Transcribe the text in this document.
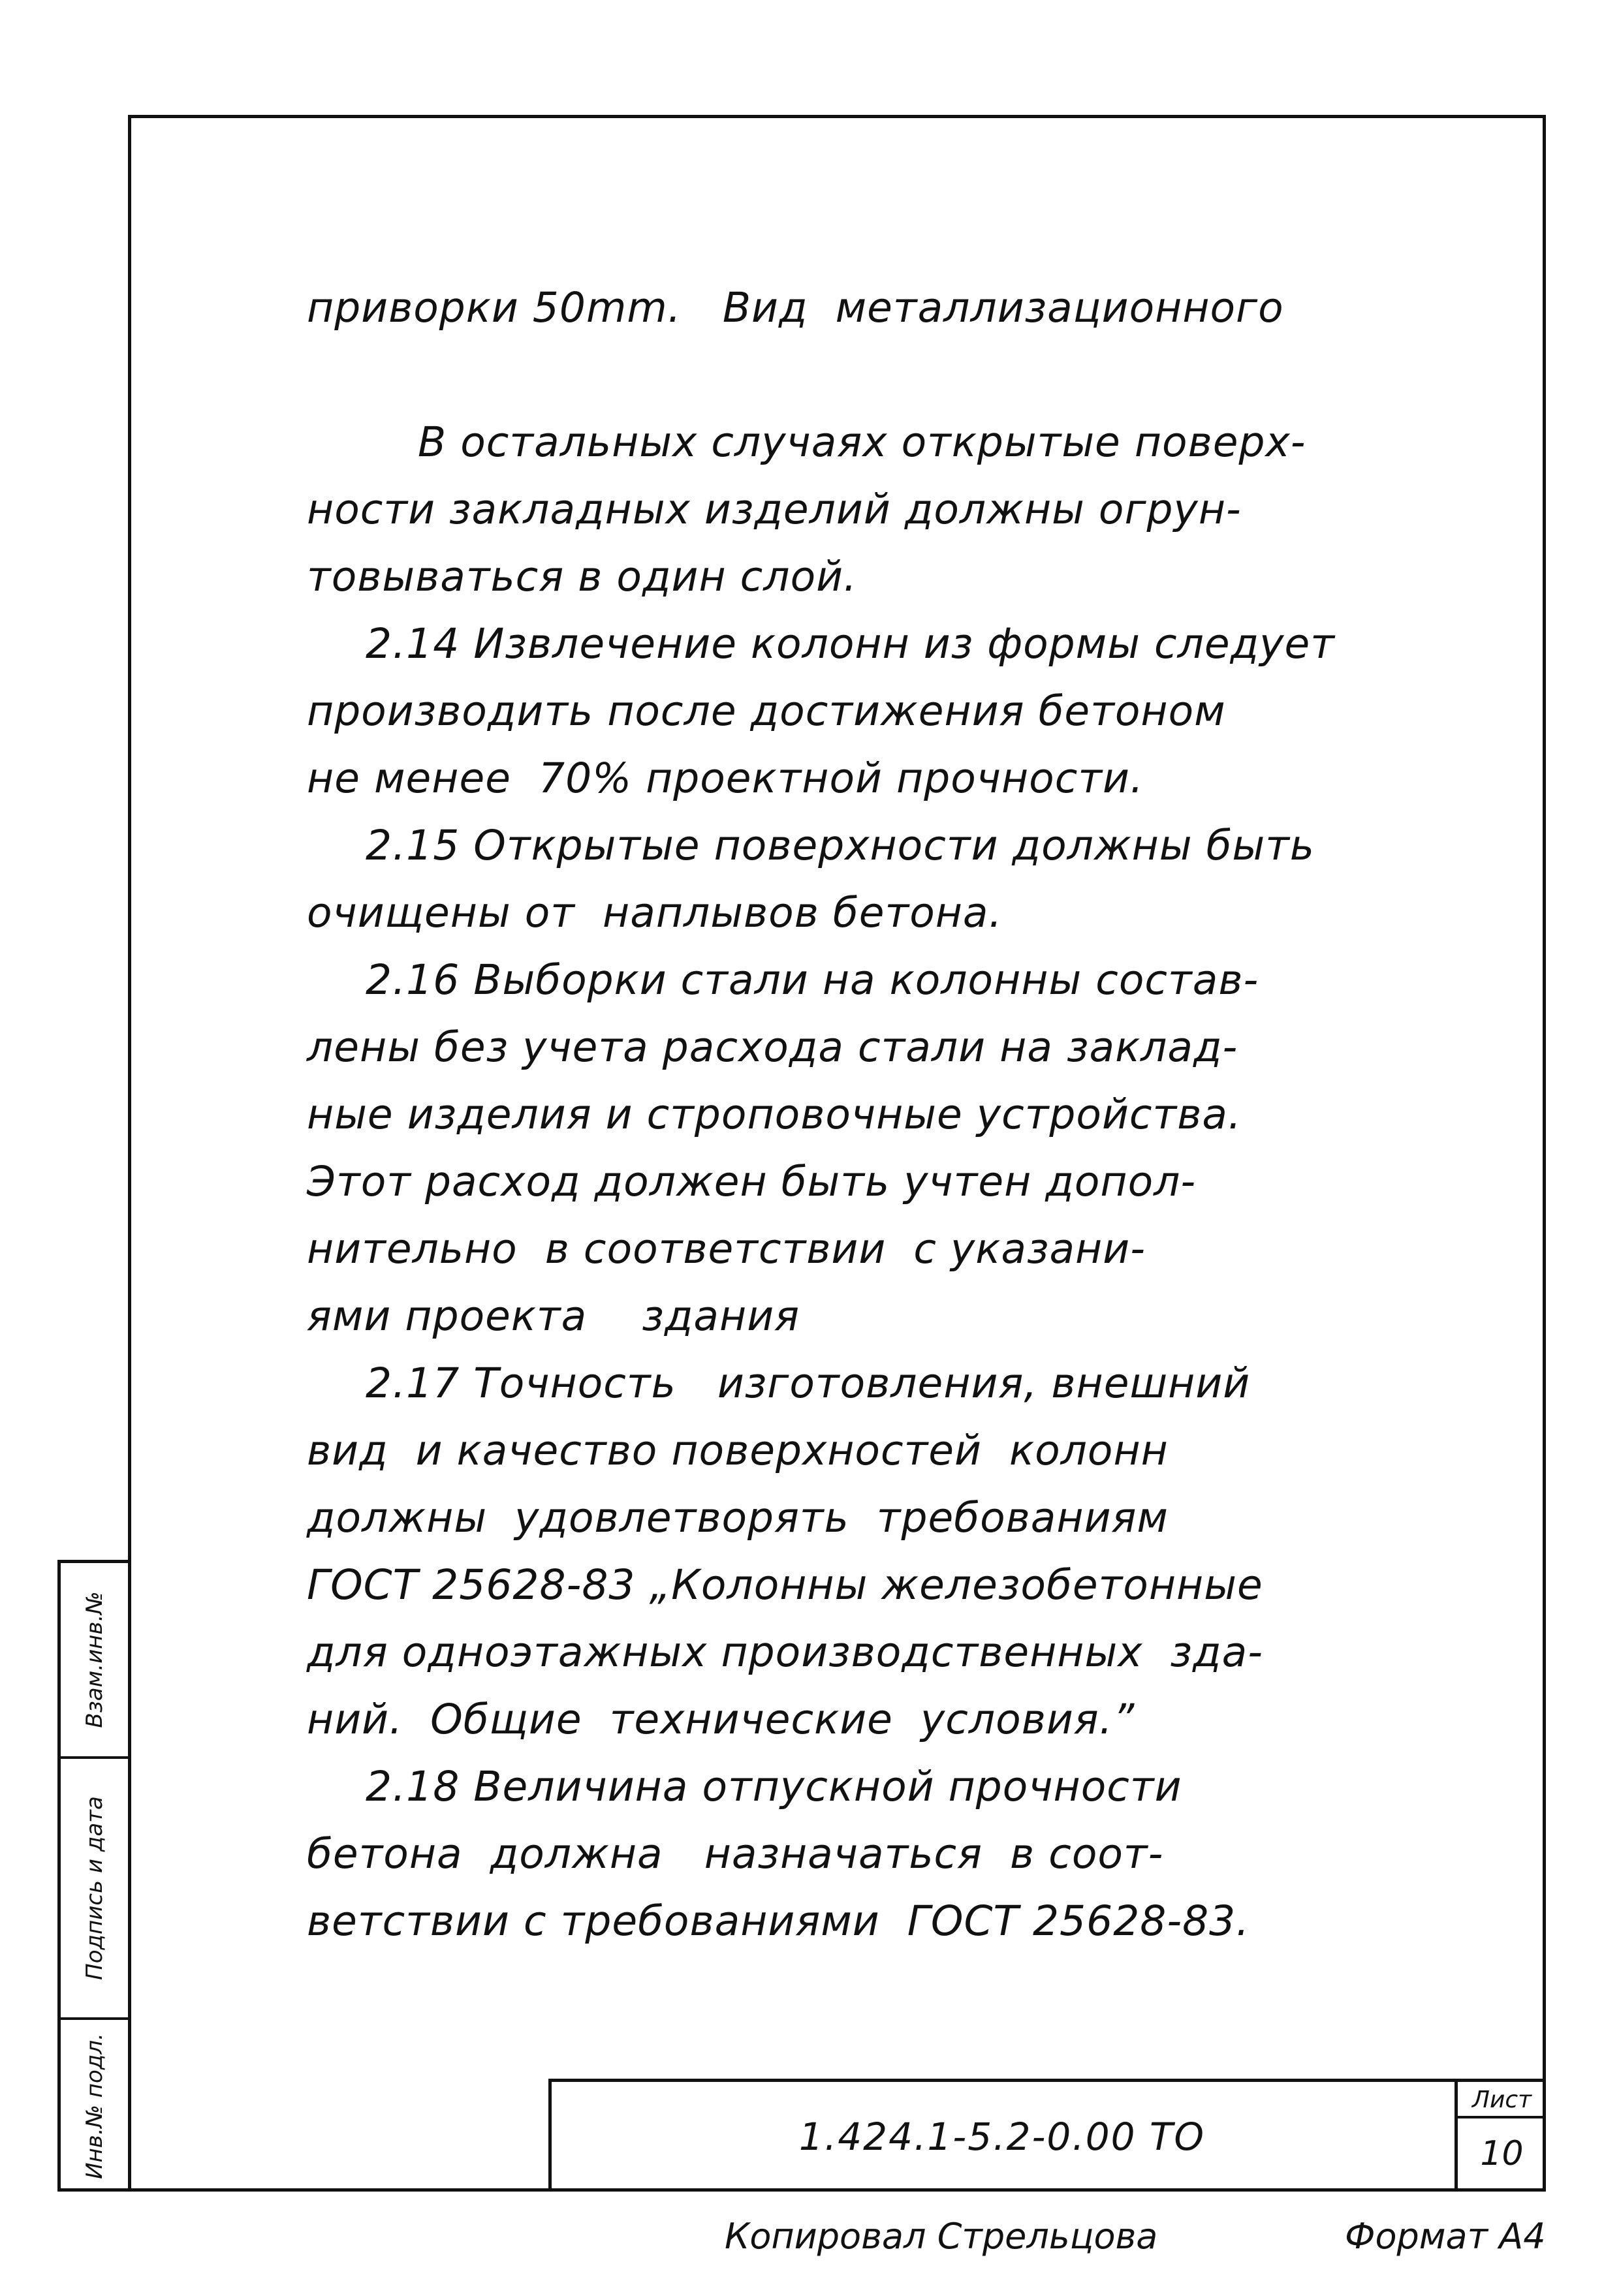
приворки 50mm.   Вид  металлизационного
В остальных случаях открытые поверх-
ности закладных изделий должны огрун-
товываться в один слой.
2.14 Извлечение колонн из формы следует
производить после достижения бетоном
не менее  70% проектной прочности.
2.15 Открытые поверхности должны быть
очищены от  наплывов бетона.
2.16 Выборки стали на колонны состав-
лены без учета расхода стали на заклад-
ные изделия и строповочные устройства.
Этот расход должен быть учтен допол-
нительно  в соответствии  с указани-
ями проекта    здания
2.17 Точность   изготовления, внешний
вид  и качество поверхностей  колонн
должны  удовлетворять  требованиям
ГОСТ 25628-83 „Колонны железобетонные
для одноэтажных производственных  зда-
ний.  Общие  технические  условия.”
2.18 Величина отпускной прочности
бетона  должна   назначаться  в соот-
ветствии с требованиями  ГОСТ 25628-83.
Взам.инв.№
Подпись и дата
Инв.№ подл.	1.424.1-5.2-0.00 ТО
Лист
10
Копировал Стрельцова	Формат А4
